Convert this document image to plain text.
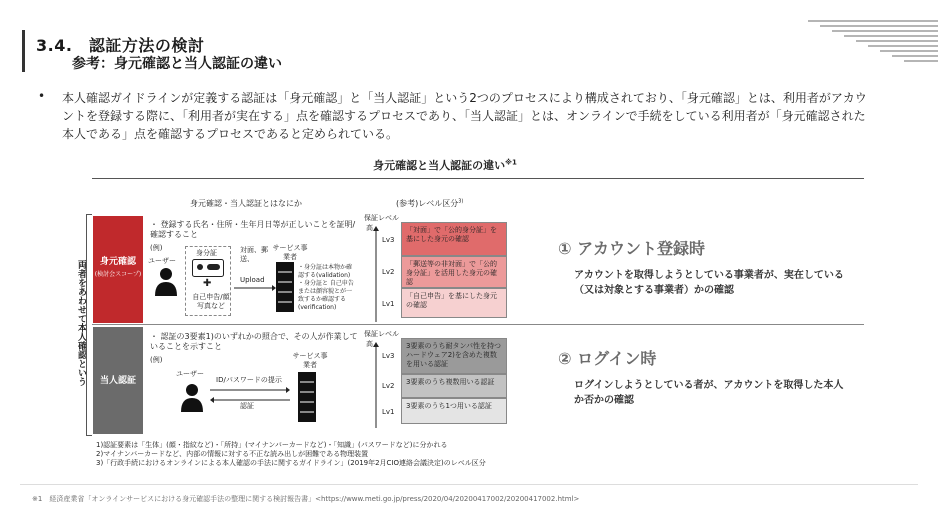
3.4.　認証方法の検討
参考：身元確認と当人認証の違い
• 本人確認ガイドラインが定義する認証は「身元確認」と「当人認証」という2つのプロセスにより構成されており、「身元確認」とは、利用者がアカウントを登録する際に、「利用者が実在する」点を確認するプロセスであり、「当人認証」とは、オンラインで手続をしている利用者が「身元確認された本人である」点を確認するプロセスであると定められている。
身元確認と当人認証の違い$^{※1}$
身元確認・当人認証とはなにか	(参考)レベル区分$^{3)}$
両者をあわせて本人確認という	身元確認
(検討会スコープ)
・ 登録する氏名・住所・生年月日等が正しいことを証明/確認すること
(例)
ユーザー
身分証
✚
自己申告/顔写真など
対面、郵送、
Upload
サービス事業者
・身分証は本物か確認する(validation)
・身分証と 自己申告または顔容貌とが一致するか確認する(verification)
保証レベル
高
Lv3
「対面」で「公的身分証」を基にした身元の確認
Lv2
「郵送等の非対面」で「公的身分証」を活用した身元の確認
Lv1
「自己申告」を基にした身元の確認
当人認証
・ 認証の3要素1)のいずれかの照合で、その人が作業していることを示すこと
(例)
ユーザー
ID/パスワードの提示
認証
サービス事業者
保証レベル
高
Lv3
3要素のうち耐タンパ性を持つハードウェア2)を含めた複数を用いる認証
Lv2	3要素のうち複数用いる認証
Lv1
3要素のうち1つ用いる認証
① アカウント登録時
アカウントを取得しようとしている事業者が、実在している（又は対象とする事業者）かの確認
② ログイン時
ログインしようとしている者が、アカウントを取得した本人か否かの確認
1)認証要素は「生体」(顔・指紋など)・「所持」(マイナンバーカードなど)・「知識」(パスワードなど)に分かれる
2)マイナンバーカードなど、内部の情報に対する不正な読み出しが困難である物理装置
3)「行政手続におけるオンラインによる本人確認の手法に関するガイドライン」(2019年2月CIO連絡会議決定)のレベル区分
※1　経済産業省「オンラインサービスにおける身元確認手法の整理に関する検討報告書」<https://www.meti.go.jp/press/2020/04/20200417002/20200417002.html>
